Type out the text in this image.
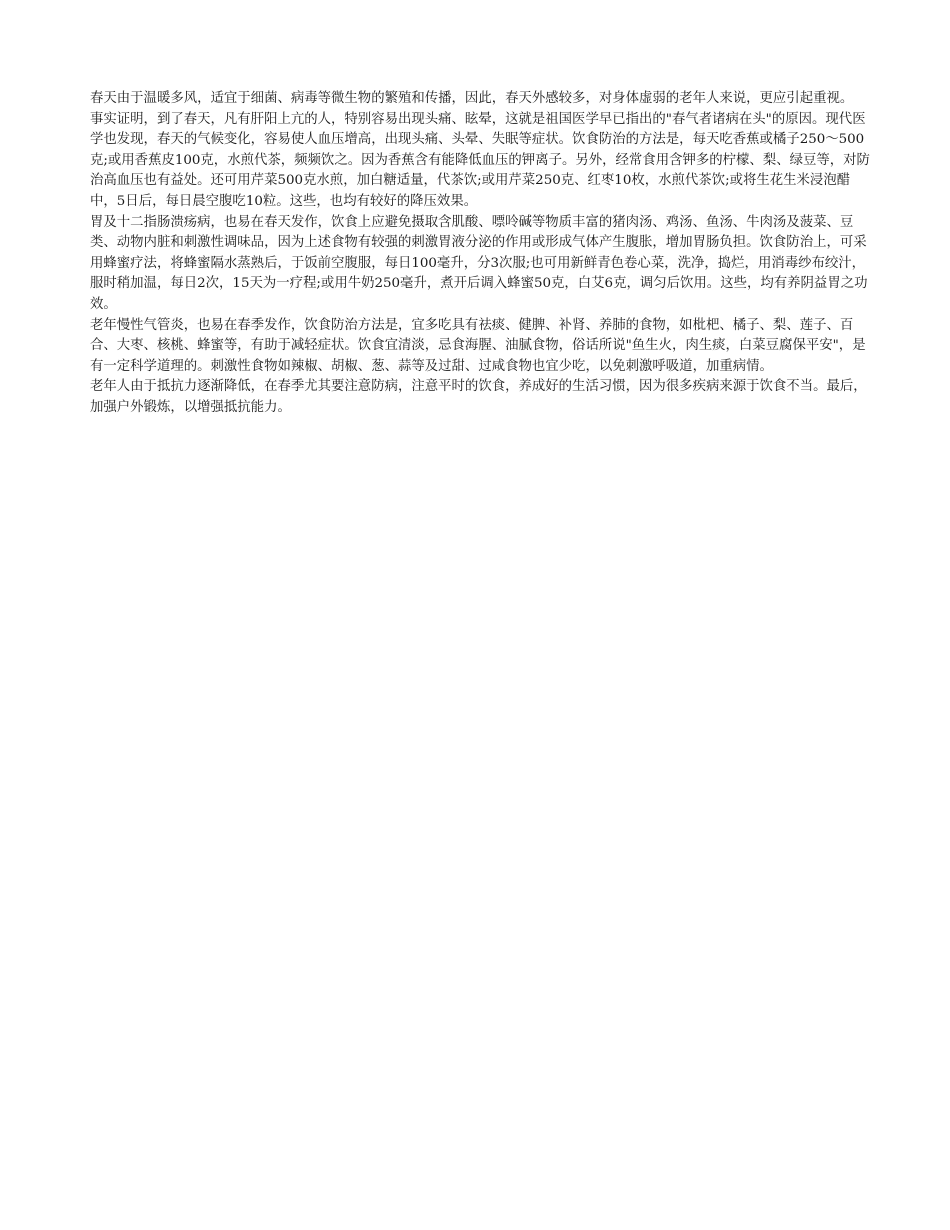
春天由于温暖多风，适宜于细菌、病毒等微生物的繁殖和传播，因此，春天外感较多，对身体虚弱的老年人来说，更应引起重视。

事实证明，到了春天，凡有肝阳上亢的人，特别容易出现头痛、眩晕，这就是祖国医学早已指出的"春气者诸病在头"的原因。现代医学也发现，春天的气候变化，容易使人血压增高，出现头痛、头晕、失眠等症状。饮食防治的方法是，每天吃香蕉或橘子250～500克;或用香蕉皮100克，水煎代茶，频频饮之。因为香蕉含有能降低血压的钾离子。另外，经常食用含钾多的柠檬、梨、绿豆等，对防治高血压也有益处。还可用芹菜500克水煎，加白糖适量，代茶饮;或用芹菜250克、红枣10枚，水煎代茶饮;或将生花生米浸泡醋中，5日后，每日晨空腹吃10粒。这些，也均有较好的降压效果。

胃及十二指肠溃疡病，也易在春天发作，饮食上应避免摄取含肌酸、嘌呤碱等物质丰富的猪肉汤、鸡汤、鱼汤、牛肉汤及菠菜、豆类、动物内脏和刺激性调味品，因为上述食物有较强的刺激胃液分泌的作用或形成气体产生腹胀，增加胃肠负担。饮食防治上，可采用蜂蜜疗法，将蜂蜜隔水蒸熟后，于饭前空腹服，每日100毫升，分3次服;也可用新鲜青色卷心菜，洗净，捣烂，用消毒纱布绞汁，服时稍加温，每日2次，15天为一疗程;或用牛奶250毫升，煮开后调入蜂蜜50克，白艾6克，调匀后饮用。这些，均有养阴益胃之功效。

老年慢性气管炎，也易在春季发作，饮食防治方法是，宜多吃具有祛痰、健脾、补肾、养肺的食物，如枇杷、橘子、梨、莲子、百合、大枣、核桃、蜂蜜等，有助于减轻症状。饮食宜清淡，忌食海腥、油腻食物，俗话所说"鱼生火，肉生痰，白菜豆腐保平安"，是有一定科学道理的。刺激性食物如辣椒、胡椒、葱、蒜等及过甜、过咸食物也宜少吃，以免刺激呼吸道，加重病情。

老年人由于抵抗力逐渐降低，在春季尤其要注意防病，注意平时的饮食，养成好的生活习惯，因为很多疾病来源于饮食不当。最后，加强户外锻炼，以增强抵抗能力。
